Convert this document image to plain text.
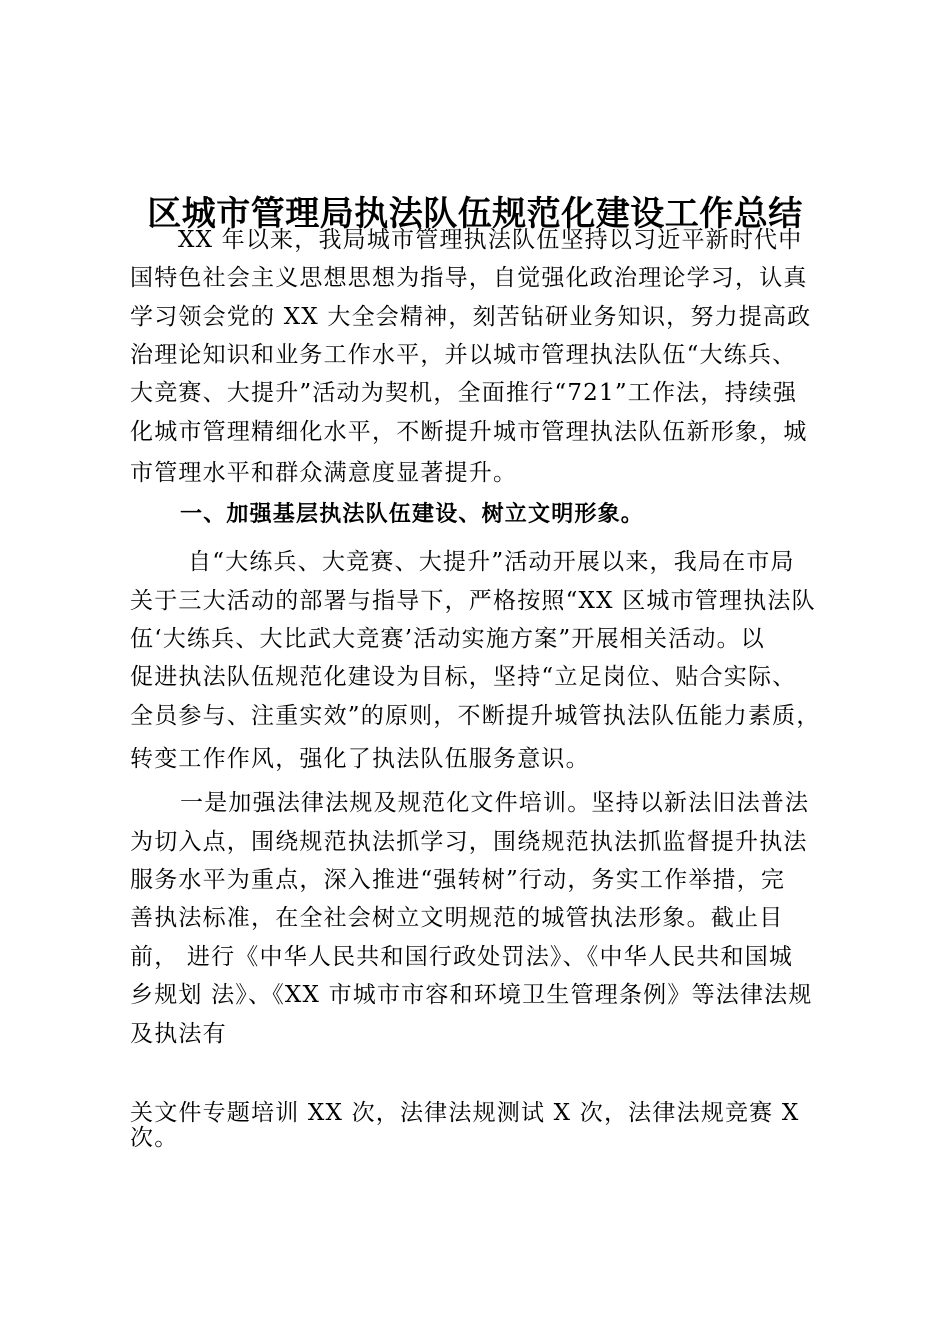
区城市管理局执法队伍规范化建设工作总结

XX 年以来，我局城市管理执法队伍坚持以习近平新时代中

国特色社会主义思想思想为指导，自觉强化政治理论学习，认真

学习领会党的 XX 大全会精神，刻苦钻研业务知识，努力提高政

治理论知识和业务工作水平，并以城市管理执法队伍“大练兵、

大竞赛、大提升”活动为契机，全面推行“721”工作法，持续强

化城市管理精细化水平，不断提升城市管理执法队伍新形象，城

市管理水平和群众满意度显著提升。

一、加强基层执法队伍建设、树立文明形象。

自“大练兵、大竞赛、大提升”活动开展以来，我局在市局

关于三大活动的部署与指导下，严格按照“XX 区城市管理执法队

伍‘大练兵、大比武大竞赛’活动实施方案”开展相关活动。以

促进执法队伍规范化建设为目标，坚持“立足岗位、贴合实际、

全员参与、注重实效”的原则，不断提升城管执法队伍能力素质，

转变工作作风，强化了执法队伍服务意识。

一是加强法律法规及规范化文件培训。坚持以新法旧法普法

为切入点，围绕规范执法抓学习，围绕规范执法抓监督提升执法

服务水平为重点，深入推进“强转树”行动，务实工作举措，完

善执法标准，在全社会树立文明规范的城管执法形象。截止目

前， 进行《中华人民共和国行政处罚法》、《中华人民共和国城

乡规划 法》、《XX 市城市市容和环境卫生管理条例》等法律法规

及执法有

关文件专题培训 XX 次，法律法规测试 X 次，法律法规竞赛 X

次。
